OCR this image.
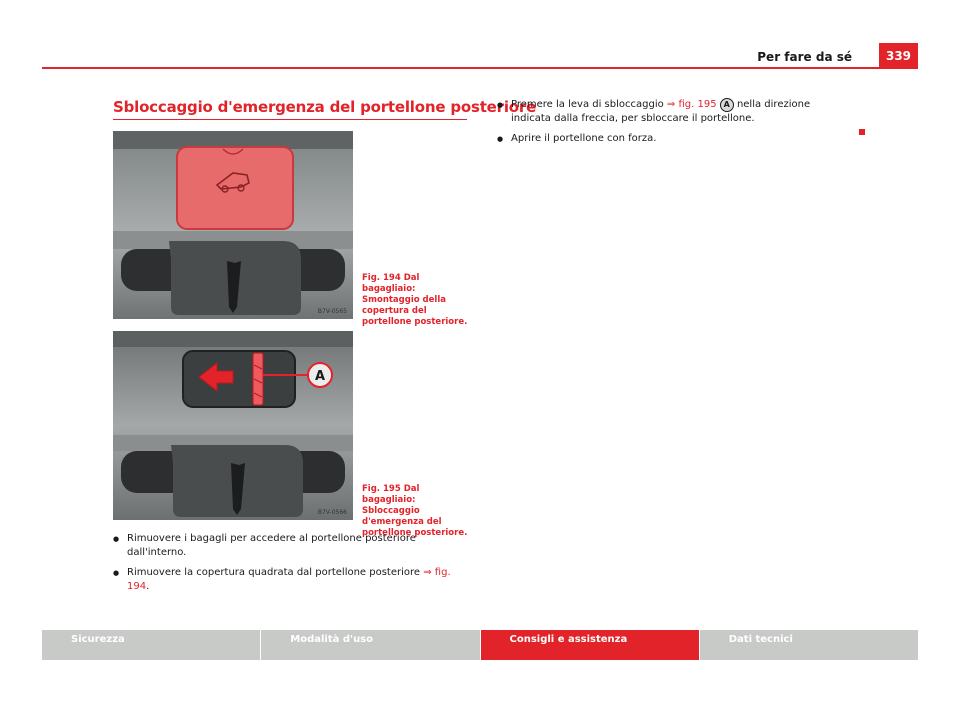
Per fare da sé	339
Sbloccaggio d'emergenza del portellone posteriore
B7V-0565
Fig. 194 Dal bagagliaio: Smontaggio della copertura del portellone posteriore.
A
B7V-0566
Fig. 195 Dal bagagliaio: Sbloccaggio d'emergenza del portellone posteriore.
● Rimuovere i bagagli per accedere al portellone posteriore dall'interno.
● Rimuovere la copertura quadrata dal portellone posteriore ⇒ fig. 194.
● Premere la leva di sbloccaggio ⇒ fig. 195 A nella direzione indicata dalla freccia, per sbloccare il portellone.
● Aprire il portellone con forza.
Sicurezza	Modalità d'uso	Consigli e assistenza	Dati tecnici
